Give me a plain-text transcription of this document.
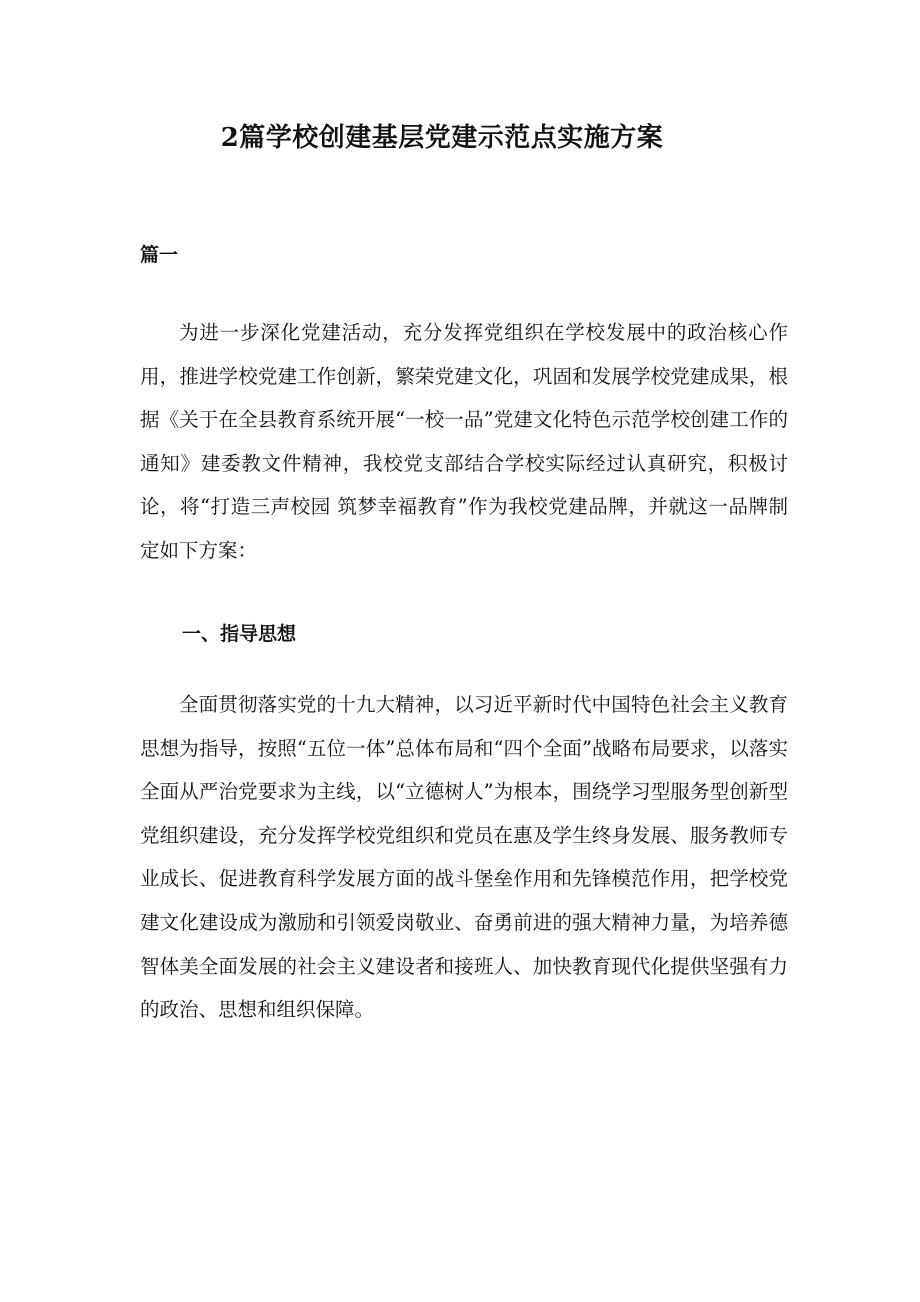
2篇学校创建基层党建示范点实施方案
篇一

为进一步深化党建活动，充分发挥党组织在学校发展中的政治核心作用，推进学校党建工作创新，繁荣党建文化，巩固和发展学校党建成果，根据《关于在全县教育系统开展“一校一品”党建文化特色示范学校创建工作的通知》建委教文件精神，我校党支部结合学校实际经过认真研究，积极讨论，将“打造三声校园 筑梦幸福教育”作为我校党建品牌，并就这一品牌制定如下方案：

一、指导思想

全面贯彻落实党的十九大精神，以习近平新时代中国特色社会主义教育思想为指导，按照“五位一体”总体布局和“四个全面”战略布局要求，以落实全面从严治党要求为主线，以“立德树人”为根本，围绕学习型服务型创新型党组织建设，充分发挥学校党组织和党员在惠及学生终身发展、服务教师专业成长、促进教育科学发展方面的战斗堡垒作用和先锋模范作用，把学校党建文化建设成为激励和引领爱岗敬业、奋勇前进的强大精神力量，为培养德智体美全面发展的社会主义建设者和接班人、加快教育现代化提供坚强有力的政治、思想和组织保障。
